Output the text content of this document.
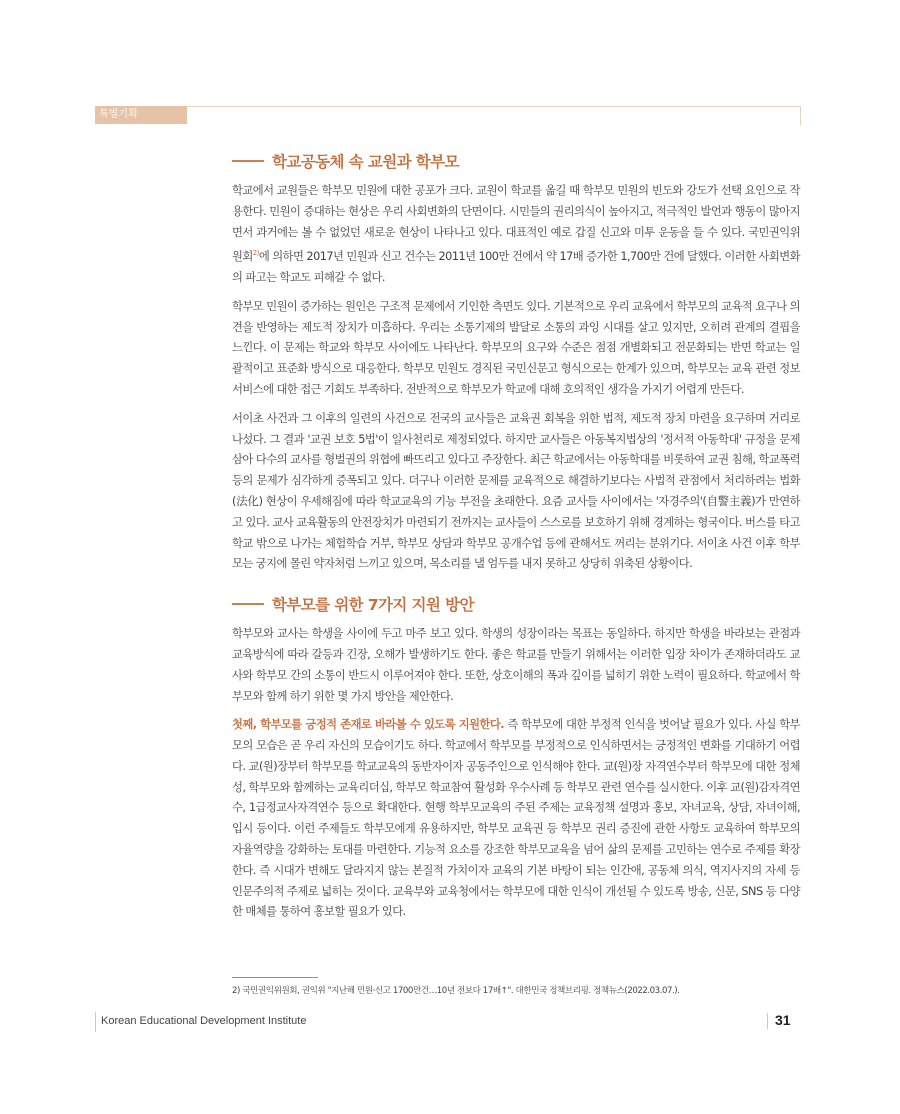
특별기획
학교공동체 속 교원과 학부모

학교에서 교원들은 학부모 민원에 대한 공포가 크다. 교원이 학교를 옮길 때 학부모 민원의 빈도와 강도가 선택 요인으로 작용한다. 민원이 증대하는 현상은 우리 사회변화의 단면이다. 시민들의 권리의식이 높아지고, 적극적인 발언과 행동이 많아지면서 과거에는 볼 수 없었던 새로운 현상이 나타나고 있다. 대표적인 예로 갑질 신고와 미투 운동을 들 수 있다. 국민권익위원회$^{2)}$에 의하면 2017년 민원과 신고 건수는 2011년 100만 건에서 약 17배 증가한 1,700만 건에 달했다. 이러한 사회변화의 파고는 학교도 피해갈 수 없다.

학부모 민원이 증가하는 원인은 구조적 문제에서 기인한 측면도 있다. 기본적으로 우리 교육에서 학부모의 교육적 요구나 의견을 반영하는 제도적 장치가 미흡하다. 우리는 소통기제의 발달로 소통의 과잉 시대를 살고 있지만, 오히려 관계의 결핍을 느낀다. 이 문제는 학교와 학부모 사이에도 나타난다. 학부모의 요구와 수준은 점점 개별화되고 전문화되는 반면 학교는 일괄적이고 표준화 방식으로 대응한다. 학부모 민원도 경직된 국민신문고 형식으로는 한계가 있으며, 학부모는 교육 관련 정보 서비스에 대한 접근 기회도 부족하다. 전반적으로 학부모가 학교에 대해 호의적인 생각을 가지기 어렵게 만든다.

서이초 사건과 그 이후의 일련의 사건으로 전국의 교사들은 교육권 회복을 위한 법적, 제도적 장치 마련을 요구하며 거리로 나섰다. 그 결과 '교권 보호 5법'이 일사천리로 제정되었다. 하지만 교사들은 아동복지법상의 '정서적 아동학대' 규정을 문제 삼아 다수의 교사를 형벌권의 위협에 빠뜨리고 있다고 주장한다. 최근 학교에서는 아동학대를 비롯하여 교권 침해, 학교폭력 등의 문제가 심각하게 증폭되고 있다. 더구나 이러한 문제를 교육적으로 해결하기보다는 사법적 관점에서 처리하려는 법화(法化) 현상이 우세해짐에 따라 학교교육의 기능 부전을 초래한다. 요즘 교사들 사이에서는 '자경주의'(自警主義)가 만연하고 있다. 교사 교육활동의 안전장치가 마련되기 전까지는 교사들이 스스로를 보호하기 위해 경계하는 형국이다. 버스를 타고 학교 밖으로 나가는 체험학습 거부, 학부모 상담과 학부모 공개수업 등에 관해서도 꺼리는 분위기다. 서이초 사건 이후 학부모는 궁지에 몰린 약자처럼 느끼고 있으며, 목소리를 낼 엄두를 내지 못하고 상당히 위축된 상황이다.

학부모를 위한 7가지 지원 방안

학부모와 교사는 학생을 사이에 두고 마주 보고 있다. 학생의 성장이라는 목표는 동일하다. 하지만 학생을 바라보는 관점과 교육방식에 따라 갈등과 긴장, 오해가 발생하기도 한다. 좋은 학교를 만들기 위해서는 이러한 입장 차이가 존재하더라도 교사와 학부모 간의 소통이 반드시 이루어져야 한다. 또한, 상호이해의 폭과 깊이를 넓히기 위한 노력이 필요하다. 학교에서 학부모와 함께 하기 위한 몇 가지 방안을 제안한다.

첫째, 학부모를 긍정적 존재로 바라볼 수 있도록 지원한다. 즉 학부모에 대한 부정적 인식을 벗어날 필요가 있다. 사실 학부모의 모습은 곧 우리 자신의 모습이기도 하다. 학교에서 학부모를 부정적으로 인식하면서는 긍정적인 변화를 기대하기 어렵다. 교(원)장부터 학부모를 학교교육의 동반자이자 공동주인으로 인식해야 한다. 교(원)장 자격연수부터 학부모에 대한 정체성, 학부모와 함께하는 교육리더십, 학부모 학교참여 활성화 우수사례 등 학부모 관련 연수를 실시한다. 이후 교(원)감자격연수, 1급정교사자격연수 등으로 확대한다. 현행 학부모교육의 주된 주제는 교육정책 설명과 홍보, 자녀교육, 상담, 자녀이해, 입시 등이다. 이런 주제들도 학부모에게 유용하지만, 학부모 교육권 등 학부모 권리 증진에 관한 사항도 교육하여 학부모의 자율역량을 강화하는 토대를 마련한다. 기능적 요소를 강조한 학부모교육을 넘어 삶의 문제를 고민하는 연수로 주제를 확장한다. 즉 시대가 변해도 달라지지 않는 본질적 가치이자 교육의 기본 바탕이 되는 인간애, 공동체 의식, 역지사지의 자세 등 인문주의적 주제로 넓히는 것이다. 교육부와 교육청에서는 학부모에 대한 인식이 개선될 수 있도록 방송, 신문, SNS 등 다양한 매체를 통하여 홍보할 필요가 있다.

2) 국민권익위원회, 권익위 "지난해 민원·신고 1700만건…10년 전보다 17배↑". 대한민국 정책브리핑. 정책뉴스(2022.03.07.).
Korean Educational Development Institute	31
